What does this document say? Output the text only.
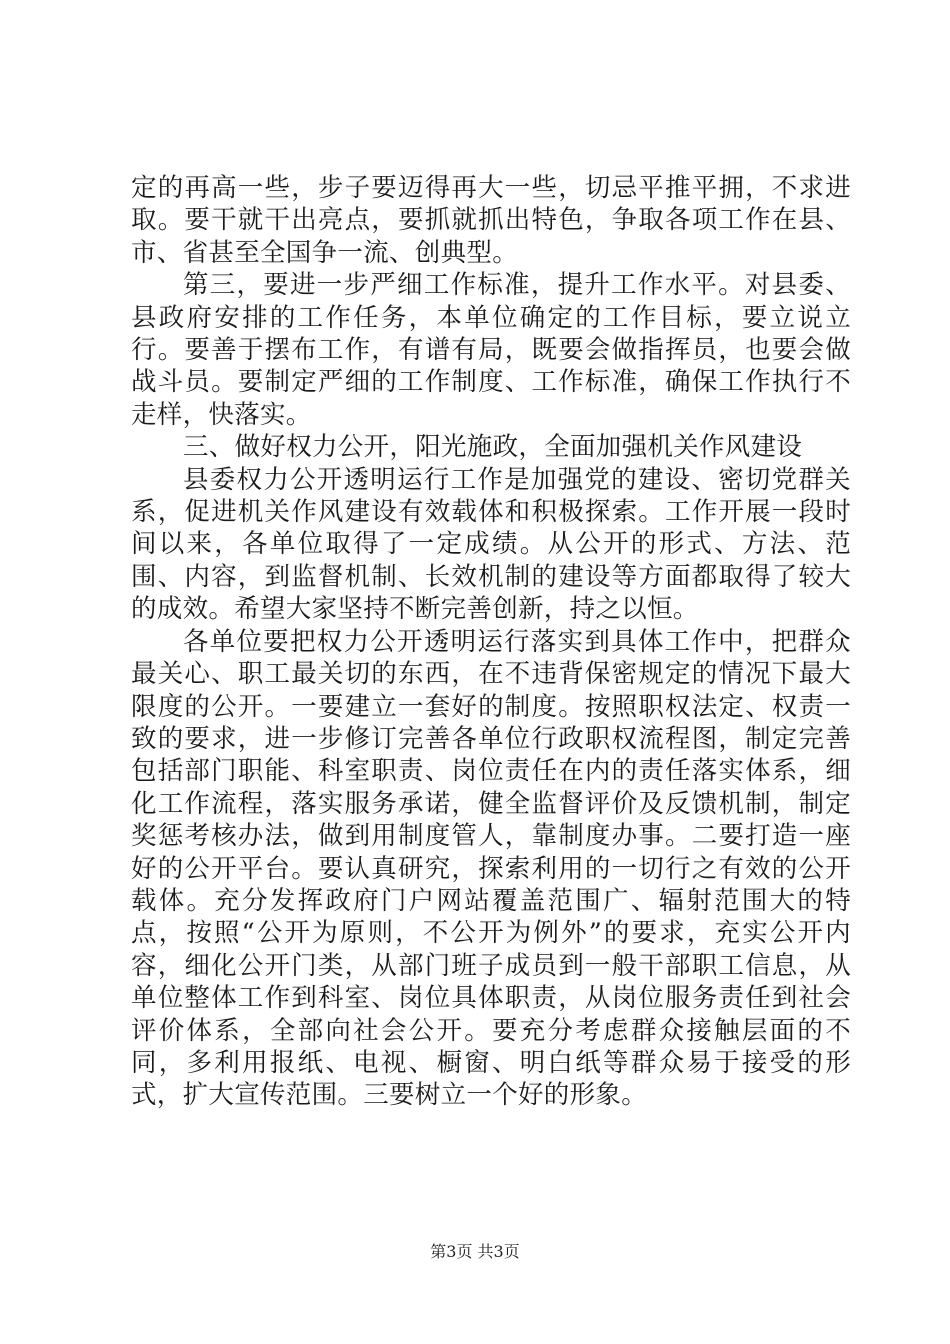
定的再高一些，步子要迈得再大一些，切忌平推平拥，不求进取。要干就干出亮点，要抓就抓出特色，争取各项工作在县、市、省甚至全国争一流、创典型。

第三，要进一步严细工作标准，提升工作水平。对县委、县政府安排的工作任务，本单位确定的工作目标，要立说立行。要善于摆布工作，有谱有局，既要会做指挥员，也要会做战斗员。要制定严细的工作制度、工作标准，确保工作执行不走样，快落实。

三、做好权力公开，阳光施政，全面加强机关作风建设

县委权力公开透明运行工作是加强党的建设、密切党群关系，促进机关作风建设有效载体和积极探索。工作开展一段时间以来，各单位取得了一定成绩。从公开的形式、方法、范围、内容，到监督机制、长效机制的建设等方面都取得了较大的成效。希望大家坚持不断完善创新，持之以恒。

各单位要把权力公开透明运行落实到具体工作中，把群众最关心、职工最关切的东西，在不违背保密规定的情况下最大限度的公开。一要建立一套好的制度。按照职权法定、权责一致的要求，进一步修订完善各单位行政职权流程图，制定完善包括部门职能、科室职责、岗位责任在内的责任落实体系，细化工作流程，落实服务承诺，健全监督评价及反馈机制，制定奖惩考核办法，做到用制度管人，靠制度办事。二要打造一座好的公开平台。要认真研究，探索利用的一切行之有效的公开载体。充分发挥政府门户网站覆盖范围广、辐射范围大的特点，按照“公开为原则，不公开为例外”的要求，充实公开内容，细化公开门类，从部门班子成员到一般干部职工信息，从单位整体工作到科室、岗位具体职责，从岗位服务责任到社会评价体系，全部向社会公开。要充分考虑群众接触层面的不同，多利用报纸、电视、橱窗、明白纸等群众易于接受的形式，扩大宣传范围。三要树立一个好的形象。

第3页 共3页
